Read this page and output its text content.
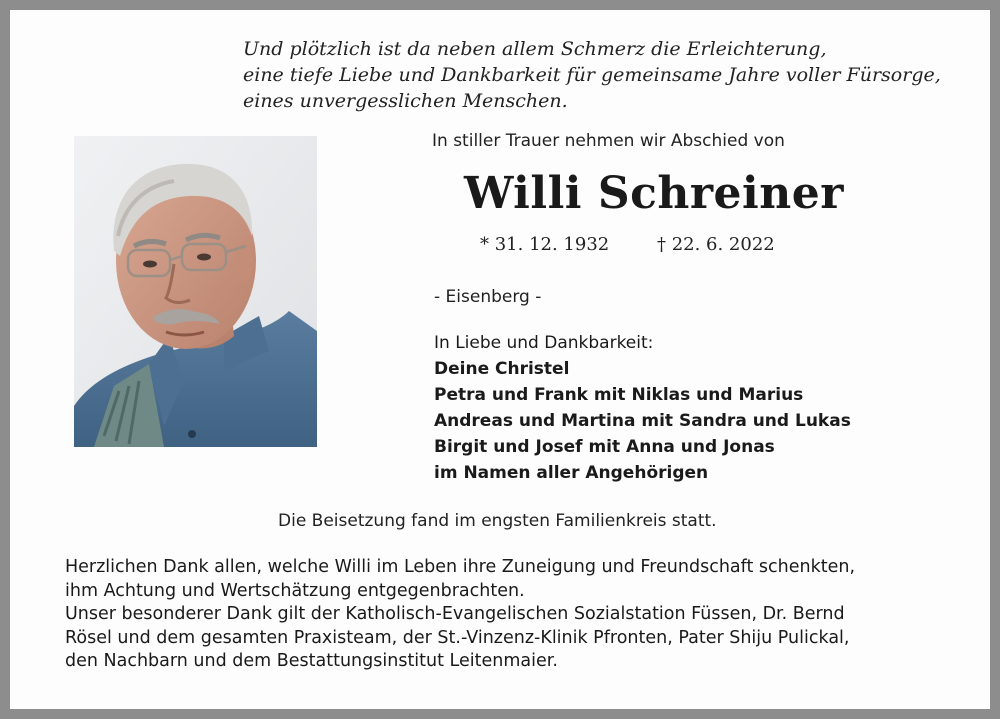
Und plötzlich ist da neben allem Schmerz die Erleichterung,
eine tiefe Liebe und Dankbarkeit für gemeinsame Jahre voller Fürsorge,
eines unvergesslichen Menschen.
In stiller Trauer nehmen wir Abschied von
Willi Schreiner
* 31. 12. 1932	† 22. 6. 2022
- Eisenberg -
In Liebe und Dankbarkeit:
Deine Christel
Petra und Frank mit Niklas und Marius
Andreas und Martina mit Sandra und Lukas
Birgit und Josef mit Anna und Jonas
im Namen aller Angehörigen
Die Beisetzung fand im engsten Familienkreis statt.
Herzlichen Dank allen, welche Willi im Leben ihre Zuneigung und Freundschaft schenkten,
ihm Achtung und Wertschätzung entgegenbrachten.
Unser besonderer Dank gilt der Katholisch-Evangelischen Sozialstation Füssen, Dr. Bernd
Rösel und dem gesamten Praxisteam, der St.-Vinzenz-Klinik Pfronten, Pater Shiju Pulickal,
den Nachbarn und dem Bestattungsinstitut Leitenmaier.
